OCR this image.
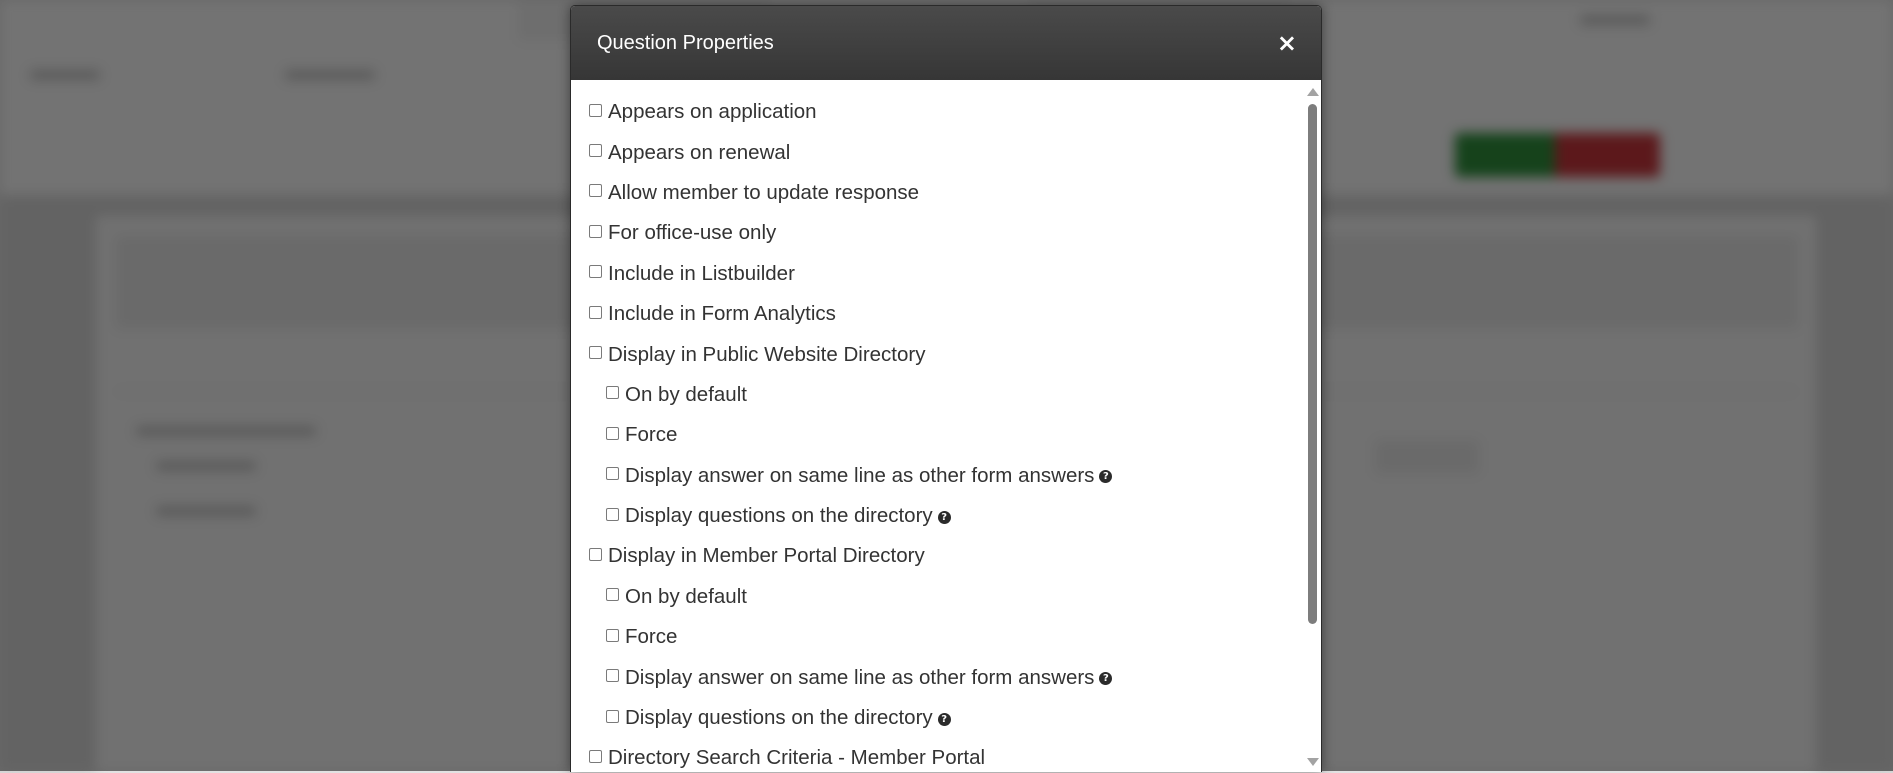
Question Properties	×
Appears on application
Appears on renewal
Allow member to update response
For office-use only
Include in Listbuilder
Include in Form Analytics
Display in Public Website Directory
On by default
Force
Display answer on same line as other form answers ?
Display questions on the directory ?
Display in Member Portal Directory
On by default
Force
Display answer on same line as other form answers ?
Display questions on the directory ?
Directory Search Criteria - Member Portal
